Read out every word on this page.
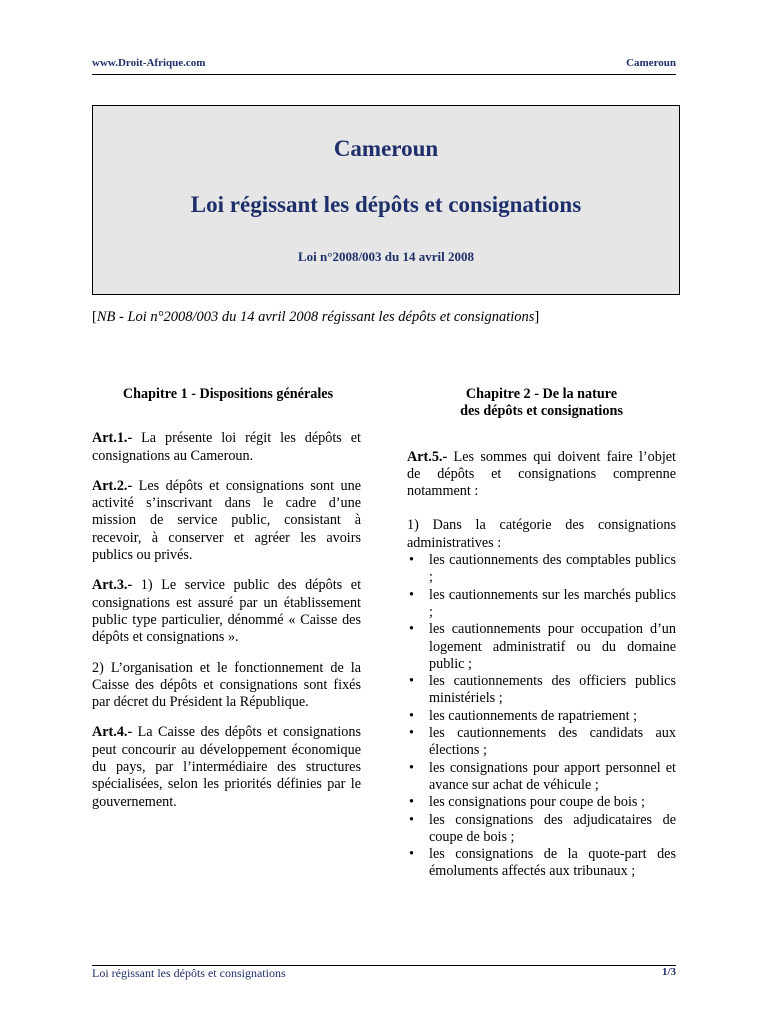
www.Droit-Afrique.com	Cameroun
Cameroun
Loi régissant les dépôts et consignations
Loi n°2008/003 du 14 avril 2008
[NB - Loi n°2008/003 du 14 avril 2008 régissant les dépôts et consignations]

Chapitre 1 - Dispositions générales

Art.1.- La présente loi régit les dépôts et consignations au Cameroun.

Art.2.- Les dépôts et consignations sont une activité s’inscrivant dans le cadre d’une mission de service public, consistant à recevoir, à conserver et agréer les avoirs publics ou privés.

Art.3.- 1) Le service public des dépôts et consignations est assuré par un établissement public type particulier, dénommé « Caisse des dépôts et consignations ».

2) L’organisation et le fonctionnement de la Caisse des dépôts et consignations sont fixés par décret du Président la République.

Art.4.- La Caisse des dépôts et consignations peut concourir au développement économique du pays, par l’intermédiaire des structures spécialisées, selon les priorités définies par le gouvernement.

Chapitre 2 - De la nature

des dépôts et consignations

Art.5.- Les sommes qui doivent faire l’objet de dépôts et consignations comprenne notamment :

1) Dans la catégorie des consignations administratives :

• les cautionnements des comptables publics ;
• les cautionnements sur les marchés publics ;
• les cautionnements pour occupation d’un logement administratif ou du domaine public ;
• les cautionnements des officiers publics ministériels ;
• les cautionnements de rapatriement ;
• les cautionnements des candidats aux élections ;
• les consignations pour apport personnel et avance sur achat de véhicule ;
• les consignations pour coupe de bois ;
• les consignations des adjudicataires de coupe de bois ;
• les consignations de la quote-part des émoluments affectés aux tribunaux ;
Loi régissant les dépôts et consignations	1/3
